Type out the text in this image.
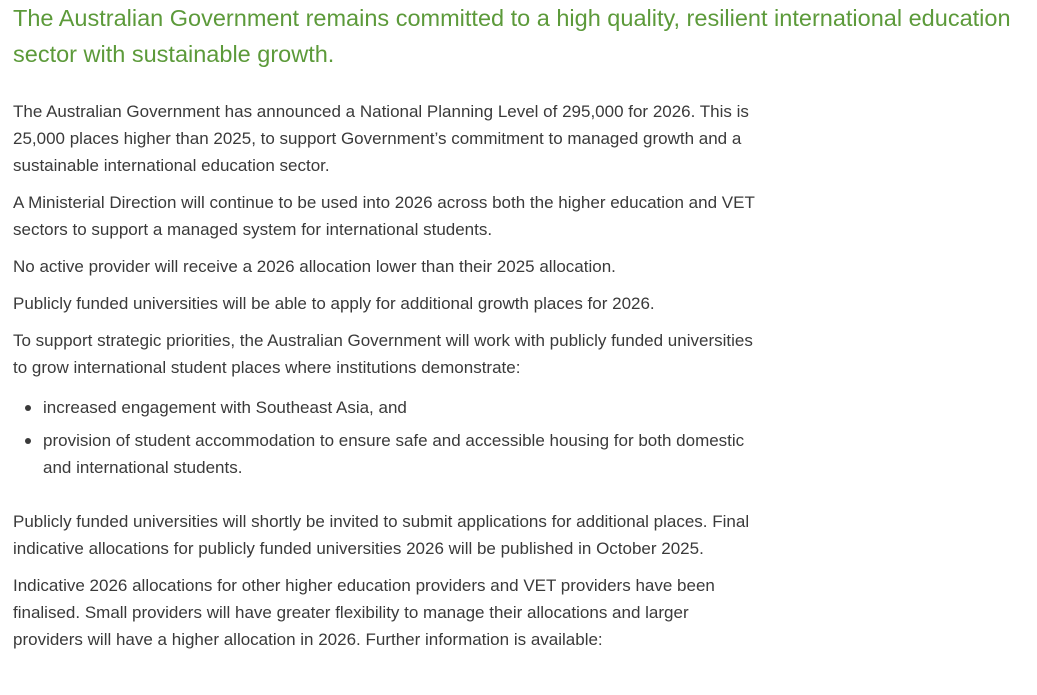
The Australian Government remains committed to a high quality, resilient international education sector with sustainable growth.

The Australian Government has announced a National Planning Level of 295,000 for 2026. This is 25,000 places higher than 2025, to support Government’s commitment to managed growth and a sustainable international education sector.

A Ministerial Direction will continue to be used into 2026 across both the higher education and VET sectors to support a managed system for international students.

No active provider will receive a 2026 allocation lower than their 2025 allocation.

Publicly funded universities will be able to apply for additional growth places for 2026.

To support strategic priorities, the Australian Government will work with publicly funded universities to grow international student places where institutions demonstrate:

increased engagement with Southeast Asia, and
provision of student accommodation to ensure safe and accessible housing for both domestic and international students.

Publicly funded universities will shortly be invited to submit applications for additional places. Final indicative allocations for publicly funded universities 2026 will be published in October 2025.

Indicative 2026 allocations for other higher education providers and VET providers have been finalised. Small providers will have greater flexibility to manage their allocations and larger providers will have a higher allocation in 2026. Further information is available:
